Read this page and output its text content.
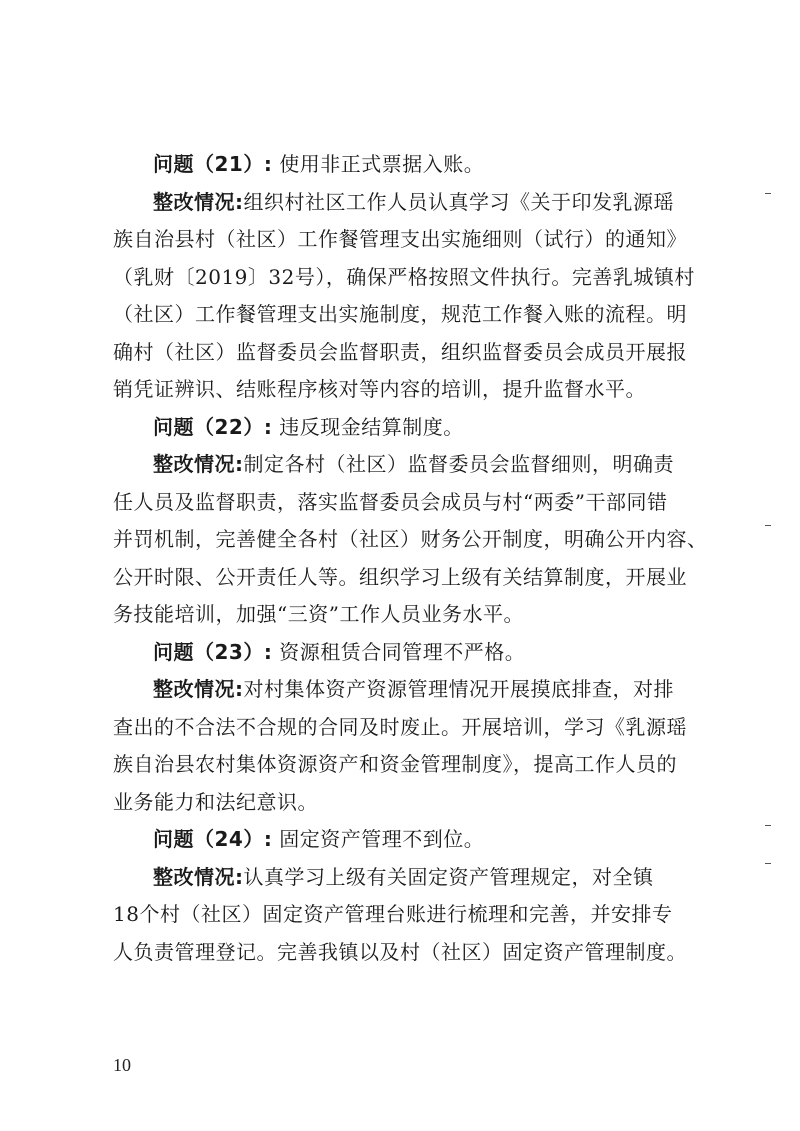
问题（21）: 使用非正式票据入账。
整改情况:组织村社区工作人员认真学习《关于印发乳源瑶
族自治县村（社区）工作餐管理支出实施细则（试行）的通知》
（乳财〔2019〕32号），确保严格按照文件执行。完善乳城镇村
（社区）工作餐管理支出实施制度，规范工作餐入账的流程。明
确村（社区）监督委员会监督职责，组织监督委员会成员开展报
销凭证辨识、结账程序核对等内容的培训，提升监督水平。
问题（22）: 违反现金结算制度。
整改情况:制定各村（社区）监督委员会监督细则，明确责
任人员及监督职责，落实监督委员会成员与村“两委”干部同错
并罚机制，完善健全各村（社区）财务公开制度，明确公开内容、
公开时限、公开责任人等。组织学习上级有关结算制度，开展业
务技能培训，加强“三资”工作人员业务水平。
问题（23）: 资源租赁合同管理不严格。
整改情况:对村集体资产资源管理情况开展摸底排查，对排
查出的不合法不合规的合同及时废止。开展培训，学习《乳源瑶
族自治县农村集体资源资产和资金管理制度》，提高工作人员的
业务能力和法纪意识。
问题（24）: 固定资产管理不到位。
整改情况:认真学习上级有关固定资产管理规定，对全镇
18个村（社区）固定资产管理台账进行梳理和完善，并安排专
人负责管理登记。完善我镇以及村（社区）固定资产管理制度。
10
